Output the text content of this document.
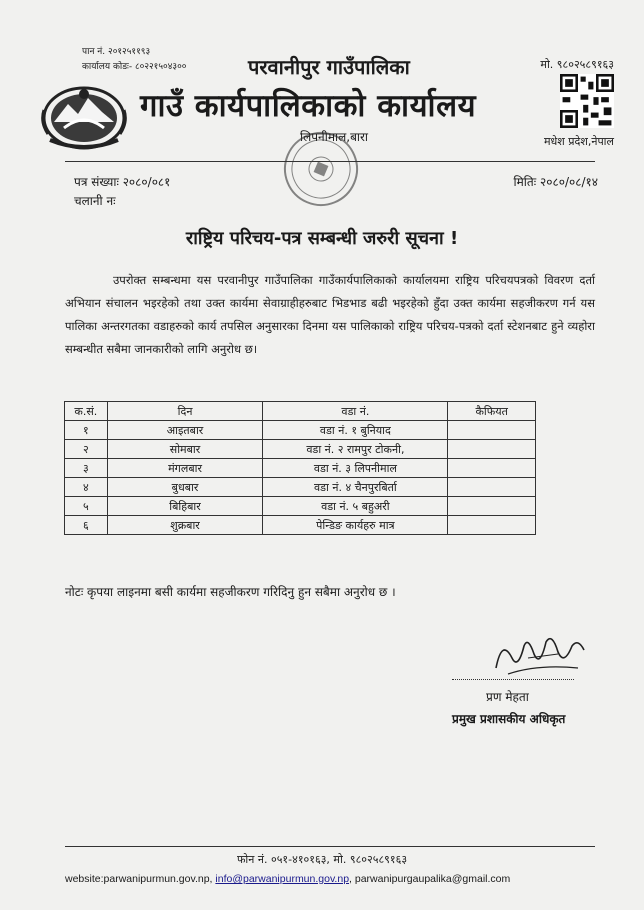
पान नं. २०१२५११९३
कार्यालय कोडः- ८०२२१५०४३००	मो. ९८०२५८९१६३
परवानीपुर गाउँपालिका
गाउँ कार्यपालिकाको कार्यालय
लिपनीमाल,बारा	मधेश प्रदेश,नेपाल
पत्र संख्याः २०८०/०८१
चलानी नः
मितिः २०८०/०८/१४
राष्ट्रिय परिचय-पत्र सम्बन्धी जरुरी सूचना !
उपरोक्त सम्बन्धमा यस परवानीपुर गाउँपालिका गाउँकार्यपालिकाको कार्यालयमा राष्ट्रिय परिचयपत्रको विवरण दर्ता अभियान संचालन भइरहेको तथा उक्त कार्यमा सेवाग्राहीहरुबाट भिडभाड बढी भइरहेको हुँदा उक्त कार्यमा सहजीकरण गर्न यस पालिका अन्तरगतका वडाहरुको कार्य तपसिल अनुसारका दिनमा यस पालिकाको राष्ट्रिय परिचय-पत्रको दर्ता स्टेशनबाट हुने व्यहोरा सम्बन्धीत सबैमा जानकारीको लागि अनुरोध छ।
क.सं.	दिन	वडा नं.	कैफियत
१	आइतबार	वडा नं. १ बुनियाद	
२	सोमबार	वडा नं. २ रामपुर टोकनी,	
३	मंगलबार	वडा नं. ३ लिपनीमाल	
४	बुधबार	वडा नं. ४ चैनपुरबिर्ता	
५	बिहिबार	वडा नं. ५ बहुअरी	
६	शुक्रबार	पेन्डिङ कार्यहरु मात्र	
नोटः कृपया लाइनमा बसी कार्यमा सहजीकरण गरिदिनु हुन सबैमा अनुरोध छ ।
प्रण मेहता
प्रमुख प्रशासकीय अधिकृत
फोन नं. ०५१-४१०१६३, मो. ९८०२५८९१६३
website:parwanipurmun.gov.np, info@parwanipurmun.gov.np, parwanipurgaupalika@gmail.com
